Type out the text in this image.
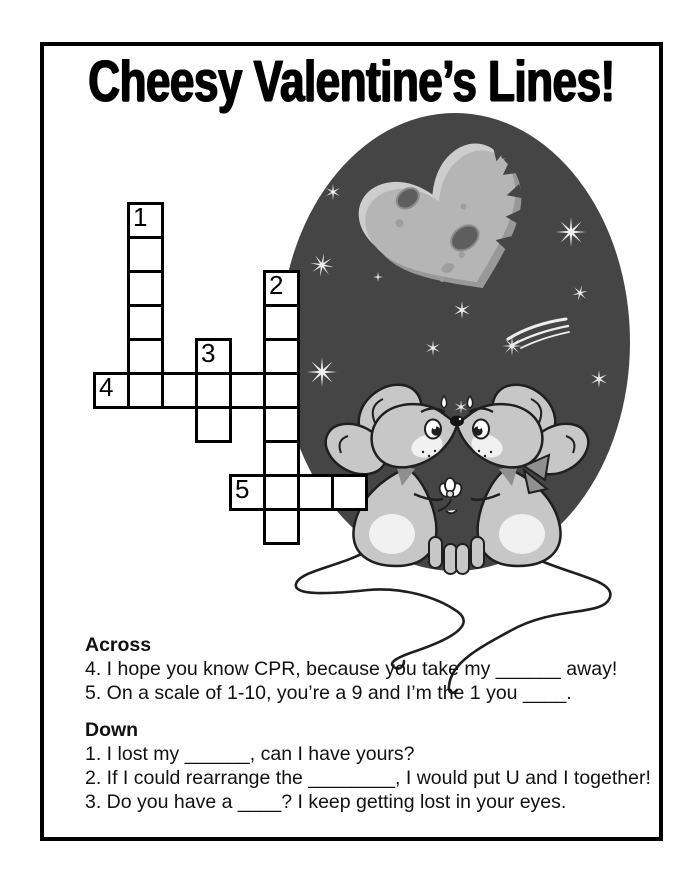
Cheesy Valentine’s Lines!
1
2
3
4
5
Across
4. I hope you know CPR, because you take my ______ away!
5. On a scale of 1-10, you’re a 9 and I’m the 1 you ____.
Down
1. I lost my ______, can I have yours?
2. If I could rearrange the ________, I would put U and I together!
3. Do you have a ____? I keep getting lost in your eyes.
